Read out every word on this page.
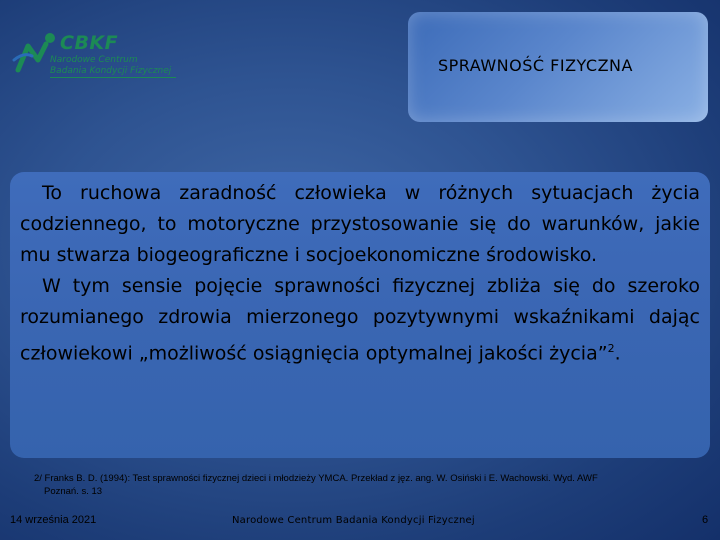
CBKF
Narodowe Centrum
Badania Kondycji Fizycznej	SPRAWNOŚĆ FIZYCZNA

To ruchowa zaradność człowieka w różnych sytuacjach życia codziennego, to motoryczne przystosowanie się do warunków, jakie mu stwarza biogeograficzne i socjoekonomiczne środowisko.

W tym sensie pojęcie sprawności fizycznej zbliża się do szeroko rozumianego zdrowia mierzonego pozytywnymi wskaźnikami dając człowiekowi „możliwość osiągnięcia optymalnej jakości życia”$^2$.

2/ Franks B. D. (1994): Test sprawności fizycznej dzieci i młodzieży YMCA. Przekład z jęz. ang. W. Osiński i E. Wachowski. Wyd. AWF
Poznań. s. 13
14 września 2021	Narodowe Centrum Badania Kondycji Fizycznej	6
